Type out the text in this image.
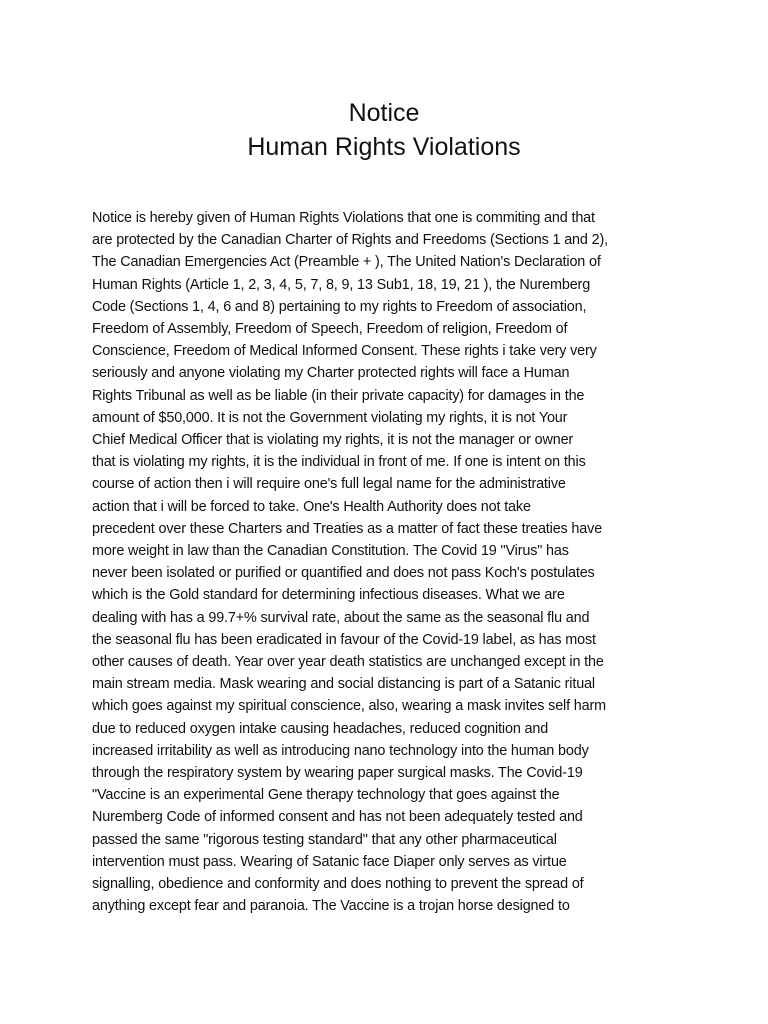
Notice
Human Rights Violations
Notice is hereby given of Human Rights Violations that one is commiting and that
are protected by the Canadian Charter of Rights and Freedoms (Sections 1 and 2),
The Canadian Emergencies Act (Preamble + ), The United Nation's Declaration of
Human Rights (Article 1, 2, 3, 4, 5, 7, 8, 9, 13 Sub1, 18, 19, 21 ), the Nuremberg
Code (Sections 1, 4, 6 and 8) pertaining to my rights to Freedom of association,
Freedom of Assembly, Freedom of Speech, Freedom of religion, Freedom of
Conscience, Freedom of Medical Informed Consent. These rights i take very very
seriously and anyone violating my Charter protected rights will face a Human
Rights Tribunal as well as be liable (in their private capacity) for damages in the
amount of $50,000. It is not the Government violating my rights, it is not Your
Chief Medical Officer that is violating my rights, it is not the manager or owner
that is violating my rights, it is the individual in front of me. If one is intent on this
course of action then i will require one's full legal name for the administrative
action that i will be forced to take. One's Health Authority does not take
precedent over these Charters and Treaties as a matter of fact these treaties have
more weight in law than the Canadian Constitution. The Covid 19 "Virus" has
never been isolated or purified or quantified and does not pass Koch's postulates
which is the Gold standard for determining infectious diseases. What we are
dealing with has a 99.7+% survival rate, about the same as the seasonal flu and
the seasonal flu has been eradicated in favour of the Covid-19 label, as has most
other causes of death. Year over year death statistics are unchanged except in the
main stream media. Mask wearing and social distancing is part of a Satanic ritual
which goes against my spiritual conscience, also, wearing a mask invites self harm
due to reduced oxygen intake causing headaches, reduced cognition and
increased irritability as well as introducing nano technology into the human body
through the respiratory system by wearing paper surgical masks. The Covid-19
"Vaccine is an experimental Gene therapy technology that goes against the
Nuremberg Code of informed consent and has not been adequately tested and
passed the same "rigorous testing standard" that any other pharmaceutical
intervention must pass. Wearing of Satanic face Diaper only serves as virtue
signalling, obedience and conformity and does nothing to prevent the spread of
anything except fear and paranoia. The Vaccine is a trojan horse designed to
